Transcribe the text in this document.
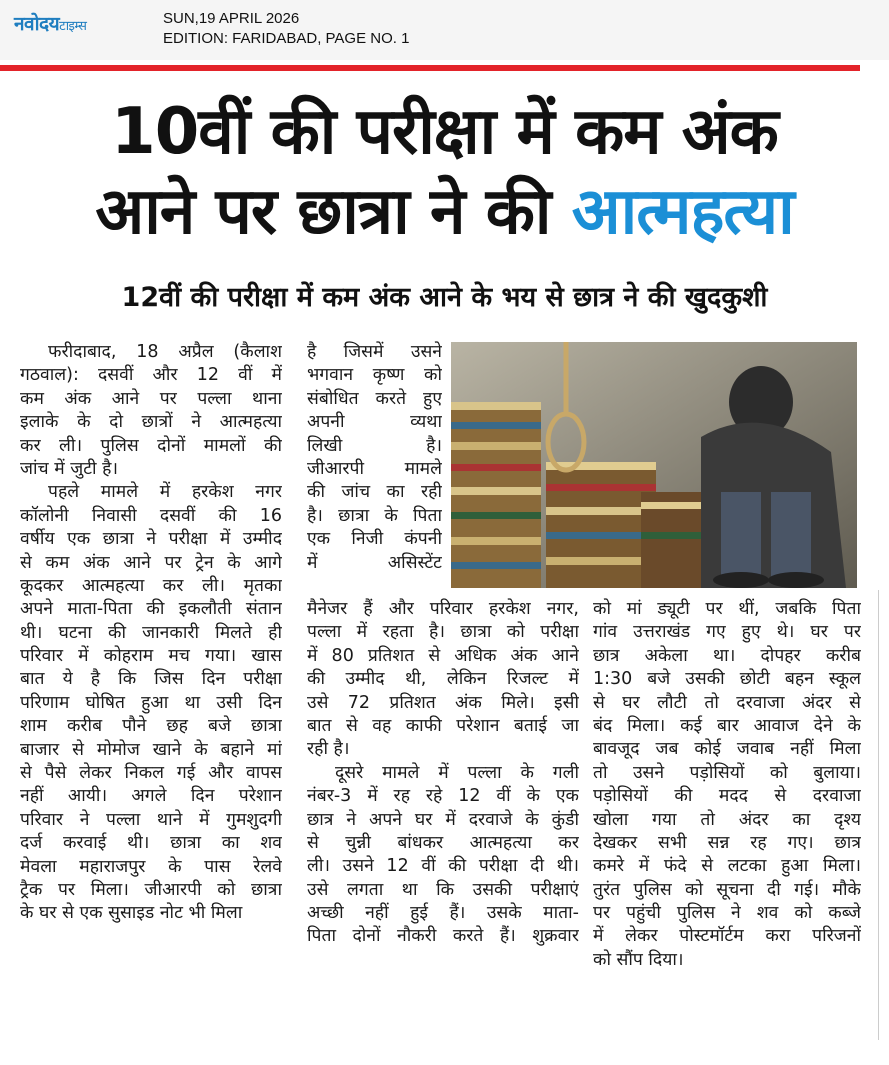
नवोदयटाइम्स	SUN,19 APRIL 2026
EDITION: FARIDABAD, PAGE NO. 1
10वीं की परीक्षा में कम अंक
आने पर छात्रा ने की आत्महत्या
12वीं की परीक्षा में कम अंक आने के भय से छात्र ने की खुदकुशी
फरीदाबाद, 18 अप्रैल (कैलाश
गठवाल): दसवीं और 12 वीं में
कम अंक आने पर पल्ला थाना
इलाके के दो छात्रों ने आत्महत्या
कर ली। पुलिस दोनों मामलों की
जांच में जुटी है।
पहले मामले में हरकेश नगर
कॉलोनी निवासी दसवीं की 16
वर्षीय एक छात्रा ने परीक्षा में उम्मीद
से कम अंक आने पर ट्रेन के आगे
कूदकर आत्महत्या कर ली। मृतका
अपने माता-पिता की इकलौती संतान
थी। घटना की जानकारी मिलते ही
परिवार में कोहराम मच गया। खास
बात ये है कि जिस दिन परीक्षा
परिणाम घोषित हुआ था उसी दिन
शाम करीब पौने छह बजे छात्रा
बाजार से मोमोज खाने के बहाने मां
से पैसे लेकर निकल गई और वापस
नहीं आयी। अगले दिन परेशान
परिवार ने पल्ला थाने में गुमशुदगी
दर्ज करवाई थी। छात्रा का शव
मेवला महाराजपुर के पास रेलवे
ट्रैक पर मिला। जीआरपी को छात्रा
के घर से एक सुसाइड नोट भी मिला
है जिसमें उसने
भगवान कृष्ण को
संबोधित करते हुए
अपनी व्यथा
लिखी है।
जीआरपी मामले
की जांच का रही
है। छात्रा के पिता
एक निजी कंपनी
में असिस्टेंट
मैनेजर हैं और परिवार हरकेश नगर,
पल्ला में रहता है। छात्रा को परीक्षा
में 80 प्रतिशत से अधिक अंक आने
की उम्मीद थी, लेकिन रिजल्ट में
उसे 72 प्रतिशत अंक मिले। इसी
बात से वह काफी परेशान बताई जा
रही है।
दूसरे मामले में पल्ला के गली
नंबर-3 में रह रहे 12 वीं के एक
छात्र ने अपने घर में दरवाजे के कुंडी
से चुन्नी बांधकर आत्महत्या कर
ली। उसने 12 वीं की परीक्षा दी थी।
उसे लगता था कि उसकी परीक्षाएं
अच्छी नहीं हुई हैं। उसके माता-
पिता दोनों नौकरी करते हैं। शुक्रवार
को मां ड्यूटी पर थीं, जबकि पिता
गांव उत्तराखंड गए हुए थे। घर पर
छात्र अकेला था। दोपहर करीब
1:30 बजे उसकी छोटी बहन स्कूल
से घर लौटी तो दरवाजा अंदर से
बंद मिला। कई बार आवाज देने के
बावजूद जब कोई जवाब नहीं मिला
तो उसने पड़ोसियों को बुलाया।
पड़ोसियों की मदद से दरवाजा
खोला गया तो अंदर का दृश्य
देखकर सभी सन्न रह गए। छात्र
कमरे में फंदे से लटका हुआ मिला।
तुरंत पुलिस को सूचना दी गई। मौके
पर पहुंची पुलिस ने शव को कब्जे
में लेकर पोस्टमॉर्टम करा परिजनों
को सौंप दिया।
